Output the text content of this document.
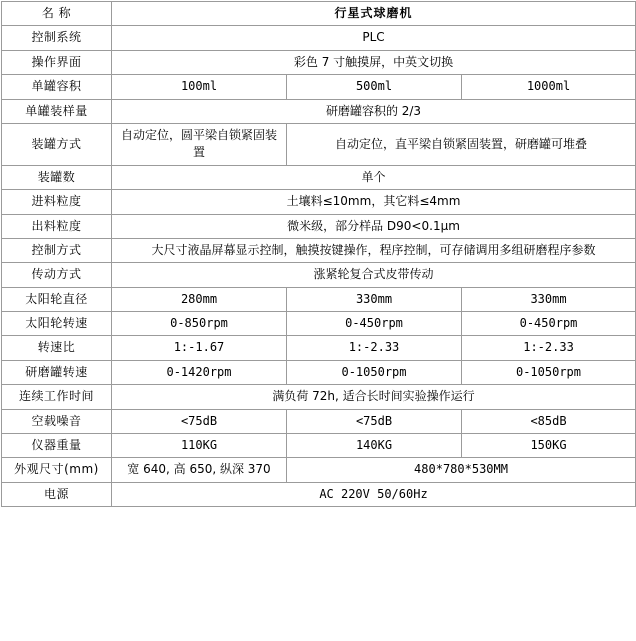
名 称	行星式球磨机		
控制系统	PLC		
操作界面	彩色 7 寸触摸屏，中英文切换		
单罐容积	100ml	500ml	1000ml
单罐装样量	研磨罐容积的 2/3		
装罐方式	自动定位，圆平梁自锁紧固装置	自动定位，直平梁自锁紧固装置，研磨罐可堆叠	
装罐数	单个		
进料粒度	土壤料≤10mm，其它料≤4mm		
出料粒度	微米级，部分样品 D90<0.1μm		
控制方式	大尺寸液晶屏幕显示控制，触摸按键操作，程序控制，可存储调用多组研磨程序参数		
传动方式	涨紧轮复合式皮带传动		
太阳轮直径	280mm	330mm	330mm
太阳轮转速	0-850rpm	0-450rpm	0-450rpm
转速比	1:-1.67	1:-2.33	1:-2.33
研磨罐转速	0-1420rpm	0-1050rpm	0-1050rpm
连续工作时间	满负荷 72h, 适合长时间实验操作运行		
空载噪音	<75dB	<75dB	<85dB
仪器重量	110KG	140KG	150KG
外观尺寸(mm)	宽 640, 高 650, 纵深 370	480*780*530MM	
电源	AC 220V 50/60Hz		
